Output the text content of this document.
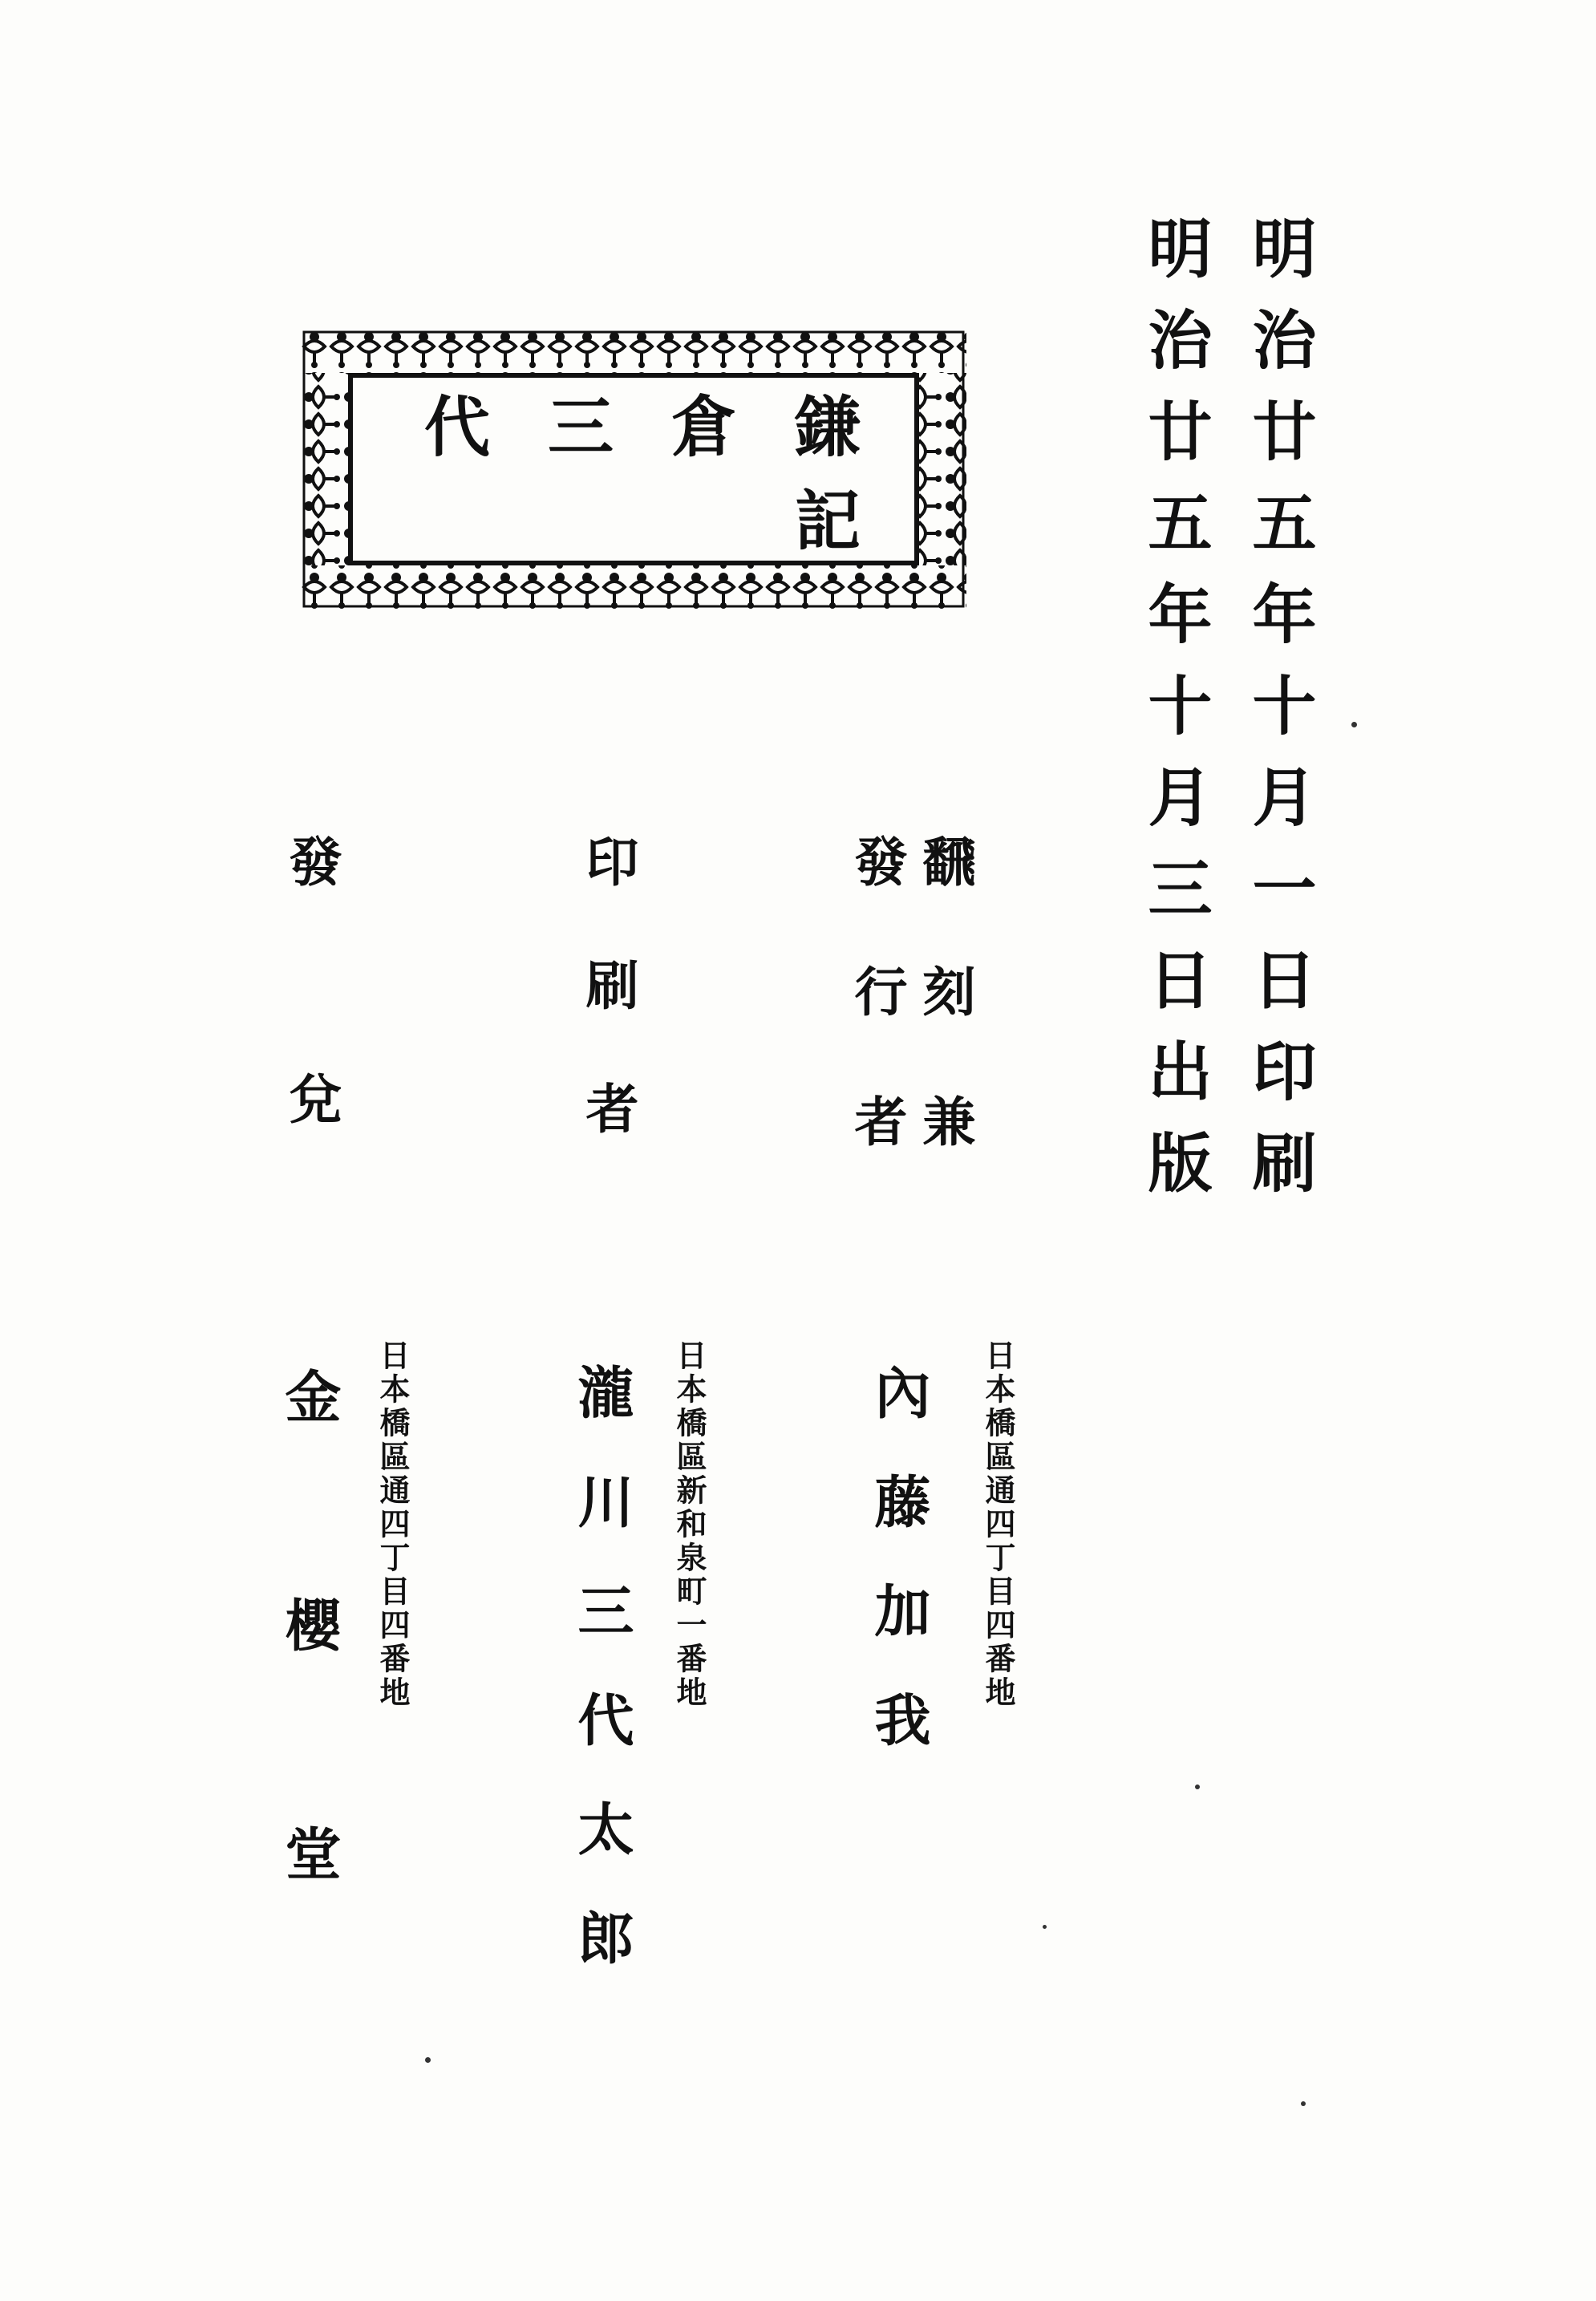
明治廿五年十月一日印刷
明治廿五年十月三日出版
鎌倉三代記
飜刻兼
發行者
日本橋區通四丁目四番地
內藤加我
印刷者
日本橋區新和泉町一番地
瀧川三代太郎
發兌
日本橋區通四丁目四番地
金櫻堂
